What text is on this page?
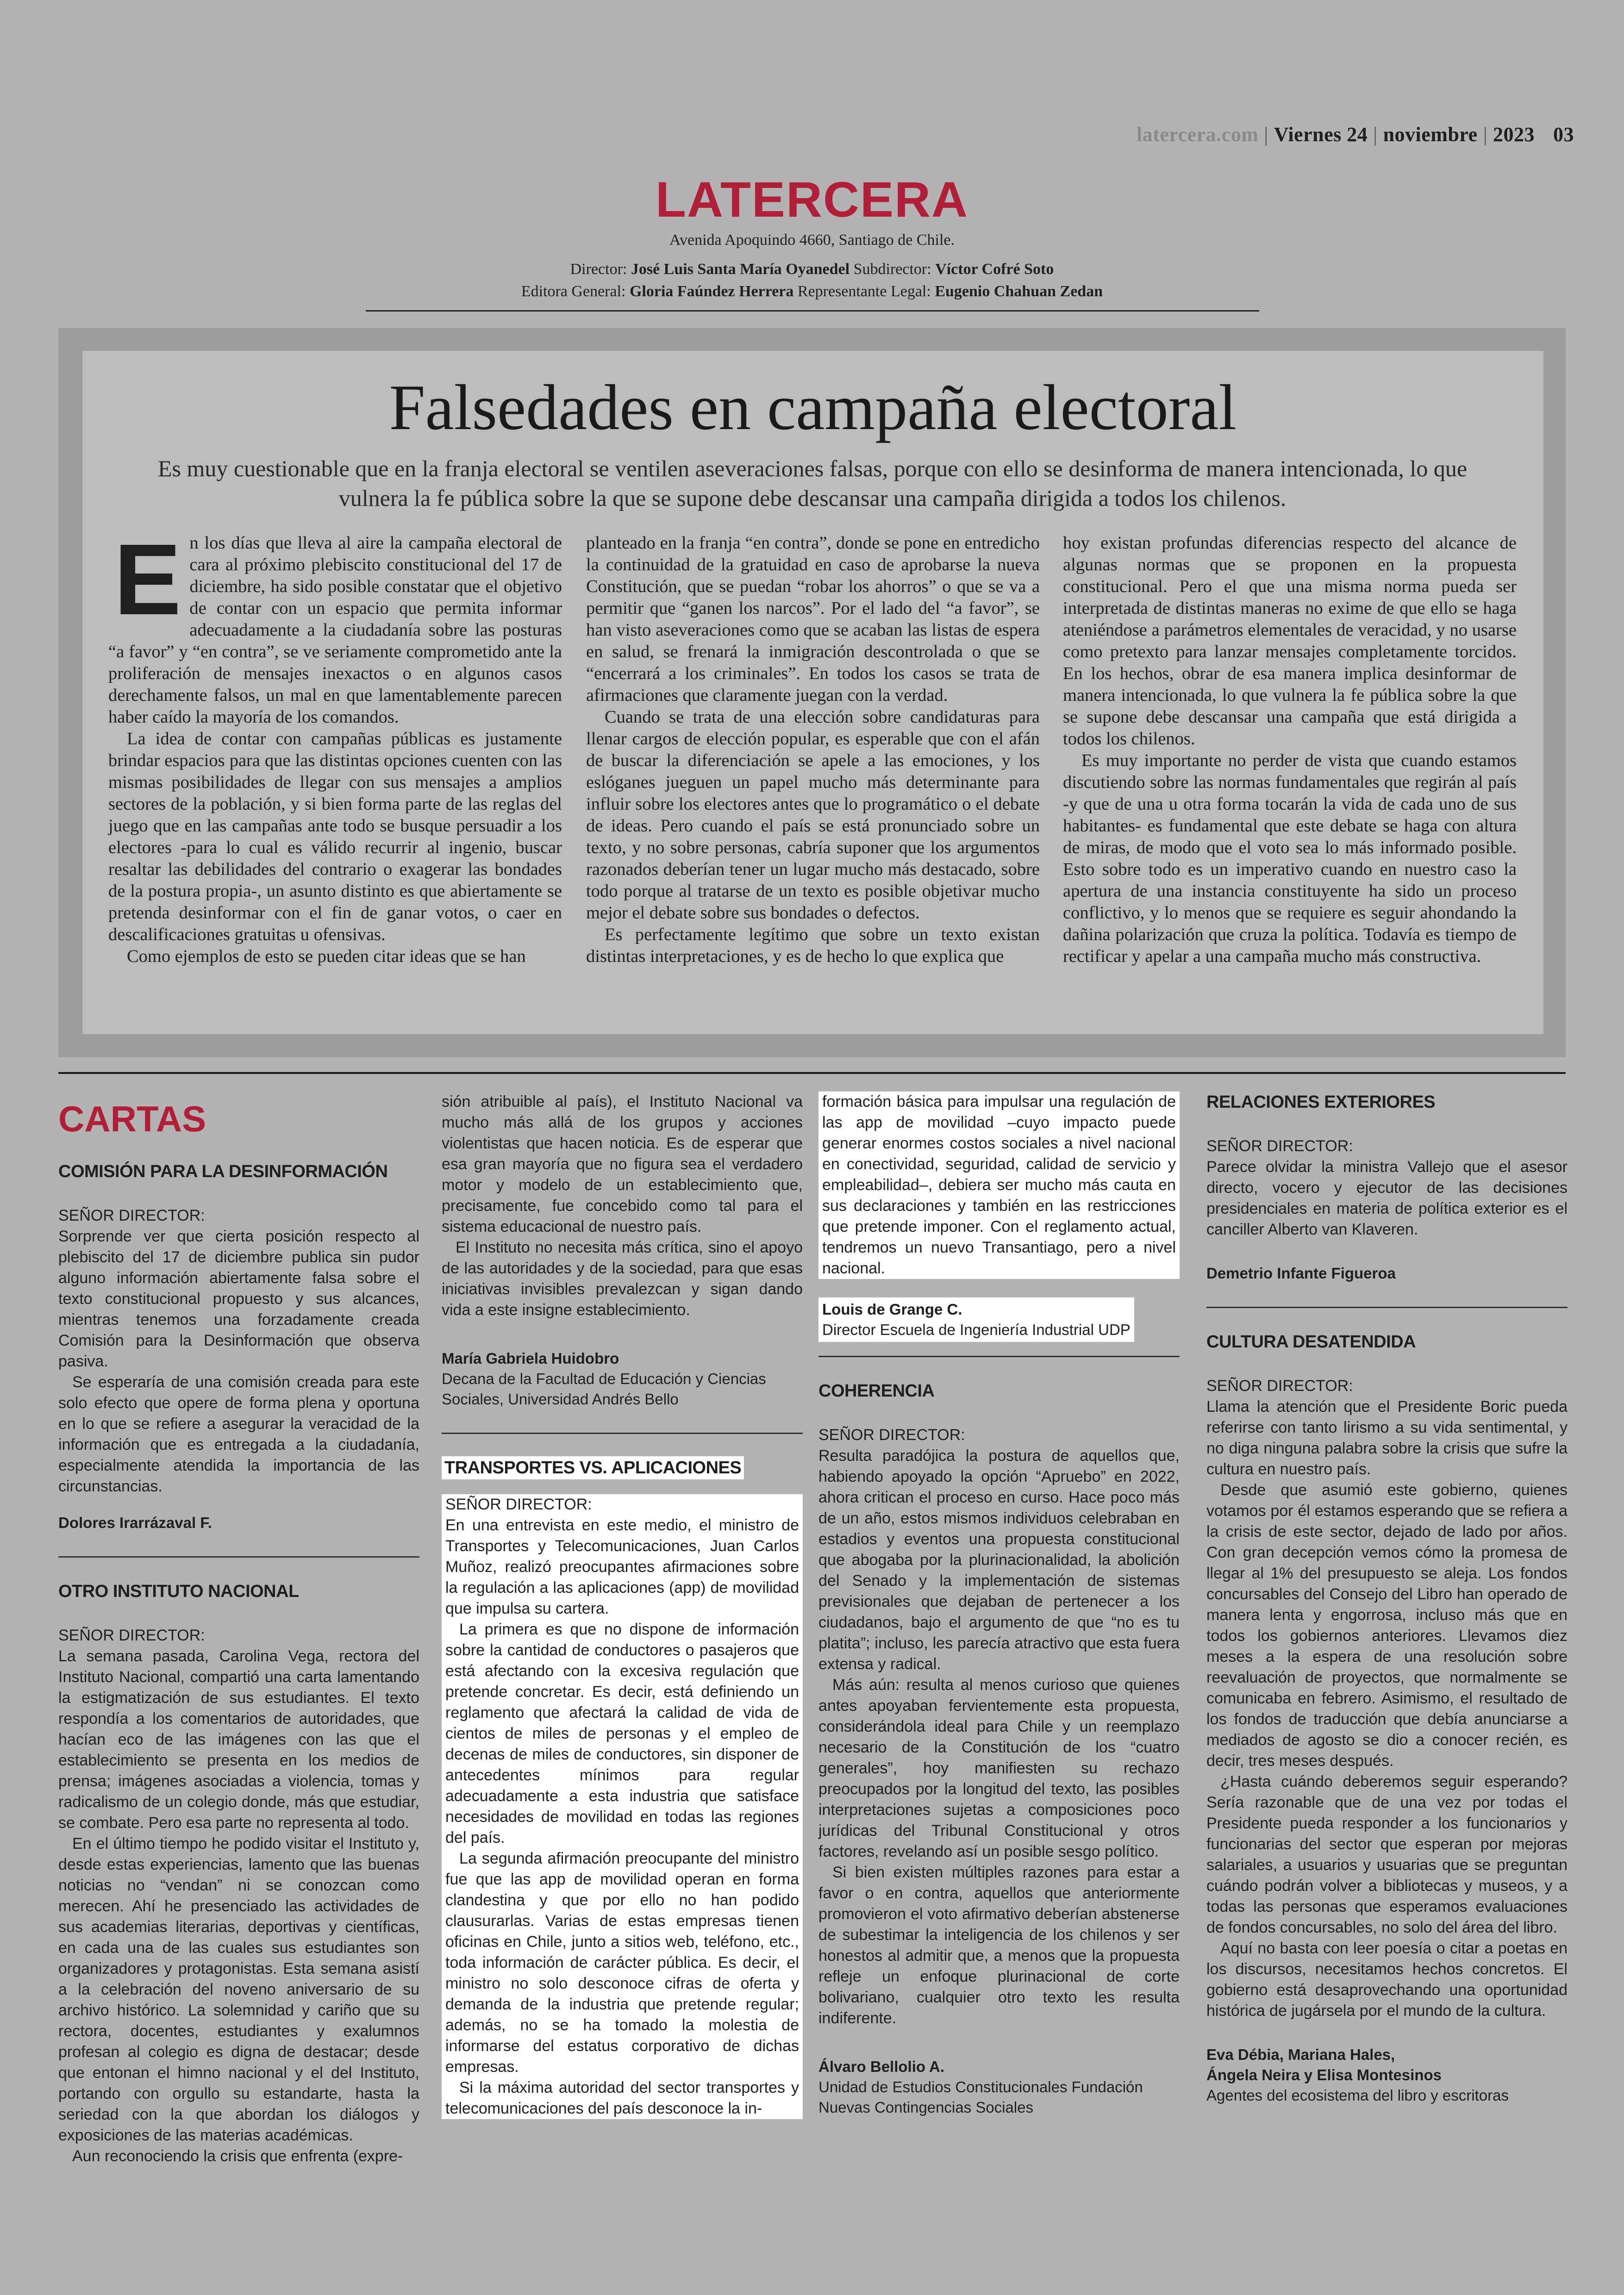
latercera.com | Viernes 24 | noviembre | 2023 03
LATERCERA
Avenida Apoquindo 4660, Santiago de Chile.
Director: José Luis Santa María Oyanedel Subdirector: Víctor Cofré Soto
Editora General: Gloria Faúndez Herrera Representante Legal: Eugenio Chahuan Zedan
Falsedades en campaña electoral
Es muy cuestionable que en la franja electoral se ventilen aseveraciones falsas, porque con ello se desinforma de manera intencionada, lo que vulnera la fe pública sobre la que se supone debe descansar una campaña dirigida a todos los chilenos.

En los días que lleva al aire la campaña electoral de cara al próximo plebiscito constitucional del 17 de diciembre, ha sido posible constatar que el objetivo de contar con un espacio que permita informar adecuadamente a la ciudadanía sobre las posturas “a favor” y “en contra”, se ve seriamente comprometido ante la proliferación de mensajes inexactos o en algunos casos derechamente falsos, un mal en que lamentablemente parecen haber caído la mayoría de los comandos.

La idea de contar con campañas públicas es justamente brindar espacios para que las distintas opciones cuenten con las mismas posibilidades de llegar con sus mensajes a amplios sectores de la población, y si bien forma parte de las reglas del juego que en las campañas ante todo se busque persuadir a los electores -para lo cual es válido recurrir al ingenio, buscar resaltar las debilidades del contrario o exagerar las bondades de la postura propia-, un asunto distinto es que abiertamente se pretenda desinformar con el fin de ganar votos, o caer en descalificaciones gratuitas u ofensivas.

Como ejemplos de esto se pueden citar ideas que se han

planteado en la franja “en contra”, donde se pone en entredicho la continuidad de la gratuidad en caso de aprobarse la nueva Constitución, que se puedan “robar los ahorros” o que se va a permitir que “ganen los narcos”. Por el lado del “a favor”, se han visto aseveraciones como que se acaban las listas de espera en salud, se frenará la inmigración descontrolada o que se “encerrará a los criminales”. En todos los casos se trata de afirmaciones que claramente juegan con la verdad.

Cuando se trata de una elección sobre candidaturas para llenar cargos de elección popular, es esperable que con el afán de buscar la diferenciación se apele a las emociones, y los eslóganes jueguen un papel mucho más determinante para influir sobre los electores antes que lo programático o el debate de ideas. Pero cuando el país se está pronunciado sobre un texto, y no sobre personas, cabría suponer que los argumentos razonados deberían tener un lugar mucho más destacado, sobre todo porque al tratarse de un texto es posible objetivar mucho mejor el debate sobre sus bondades o defectos.

Es perfectamente legítimo que sobre un texto existan distintas interpretaciones, y es de hecho lo que explica que

hoy existan profundas diferencias respecto del alcance de algunas normas que se proponen en la propuesta constitucional. Pero el que una misma norma pueda ser interpretada de distintas maneras no exime de que ello se haga ateniéndose a parámetros elementales de veracidad, y no usarse como pretexto para lanzar mensajes completamente torcidos. En los hechos, obrar de esa manera implica desinformar de manera intencionada, lo que vulnera la fe pública sobre la que se supone debe descansar una campaña que está dirigida a todos los chilenos.

Es muy importante no perder de vista que cuando estamos discutiendo sobre las normas fundamentales que regirán al país -y que de una u otra forma tocarán la vida de cada uno de sus habitantes- es fundamental que este debate se haga con altura de miras, de modo que el voto sea lo más informado posible. Esto sobre todo es un imperativo cuando en nuestro caso la apertura de una instancia constituyente ha sido un proceso conflictivo, y lo menos que se requiere es seguir ahondando la dañina polarización que cruza la política. Todavía es tiempo de rectificar y apelar a una campaña mucho más constructiva.

CARTAS
COMISIÓN PARA LA DESINFORMACIÓN
SEÑOR DIRECTOR:

Sorprende ver que cierta posición respecto al plebiscito del 17 de diciembre publica sin pudor alguno información abiertamente falsa sobre el texto constitucional propuesto y sus alcances, mientras tenemos una forzadamente creada Comisión para la Desinformación que observa pasiva.

Se esperaría de una comisión creada para este solo efecto que opere de forma plena y oportuna en lo que se refiere a asegurar la veracidad de la información que es entregada a la ciudadanía, especialmente atendida la importancia de las circunstancias.

Dolores Irarrázaval F.
OTRO INSTITUTO NACIONAL
SEÑOR DIRECTOR:

La semana pasada, Carolina Vega, rectora del Instituto Nacional, compartió una carta lamentando la estigmatización de sus estudiantes. El texto respondía a los comentarios de autoridades, que hacían eco de las imágenes con las que el establecimiento se presenta en los medios de prensa; imágenes asociadas a violencia, tomas y radicalismo de un colegio donde, más que estudiar, se combate. Pero esa parte no representa al todo.

En el último tiempo he podido visitar el Instituto y, desde estas experiencias, lamento que las buenas noticias no “vendan” ni se conozcan como merecen. Ahí he presenciado las actividades de sus academias literarias, deportivas y científicas, en cada una de las cuales sus estudiantes son organizadores y protagonistas. Esta semana asistí a la celebración del noveno aniversario de su archivo histórico. La solemnidad y cariño que su rectora, docentes, estudiantes y exalumnos profesan al colegio es digna de destacar; desde que entonan el himno nacional y el del Instituto, portando con orgullo su estandarte, hasta la seriedad con la que abordan los diálogos y exposiciones de las materias académicas.

Aun reconociendo la crisis que enfrenta (expre-

sión atribuible al país), el Instituto Nacional va mucho más allá de los grupos y acciones violentistas que hacen noticia. Es de esperar que esa gran mayoría que no figura sea el verdadero motor y modelo de un establecimiento que, precisamente, fue concebido como tal para el sistema educacional de nuestro país.

El Instituto no necesita más crítica, sino el apoyo de las autoridades y de la sociedad, para que esas iniciativas invisibles prevalezcan y sigan dando vida a este insigne establecimiento.

María Gabriela Huidobro
Decana de la Facultad de Educación y Ciencias Sociales, Universidad Andrés Bello
TRANSPORTES VS. APLICACIONES
SEÑOR DIRECTOR:

En una entrevista en este medio, el ministro de Transportes y Telecomunicaciones, Juan Carlos Muñoz, realizó preocupantes afirmaciones sobre la regulación a las aplicaciones (app) de movilidad que impulsa su cartera.

La primera es que no dispone de información sobre la cantidad de conductores o pasajeros que está afectando con la excesiva regulación que pretende concretar. Es decir, está definiendo un reglamento que afectará la calidad de vida de cientos de miles de personas y el empleo de decenas de miles de conductores, sin disponer de antecedentes mínimos para regular adecuadamente a esta industria que satisface necesidades de movilidad en todas las regiones del país.

La segunda afirmación preocupante del ministro fue que las app de movilidad operan en forma clandestina y que por ello no han podido clausurarlas. Varias de estas empresas tienen oficinas en Chile, junto a sitios web, teléfono, etc., toda información de carácter pública. Es decir, el ministro no solo desconoce cifras de oferta y demanda de la industria que pretende regular; además, no se ha tomado la molestia de informarse del estatus corporativo de dichas empresas.

Si la máxima autoridad del sector transportes y telecomunicaciones del país desconoce la in-

formación básica para impulsar una regulación de las app de movilidad –cuyo impacto puede generar enormes costos sociales a nivel nacional en conectividad, seguridad, calidad de servicio y empleabilidad–, debiera ser mucho más cauta en sus declaraciones y también en las restricciones que pretende imponer. Con el reglamento actual, tendremos un nuevo Transantiago, pero a nivel nacional.

Louis de Grange C.
Director Escuela de Ingeniería Industrial UDP
COHERENCIA
SEÑOR DIRECTOR:

Resulta paradójica la postura de aquellos que, habiendo apoyado la opción “Apruebo” en 2022, ahora critican el proceso en curso. Hace poco más de un año, estos mismos individuos celebraban en estadios y eventos una propuesta constitucional que abogaba por la plurinacionalidad, la abolición del Senado y la implementación de sistemas previsionales que dejaban de pertenecer a los ciudadanos, bajo el argumento de que “no es tu platita”; incluso, les parecía atractivo que esta fuera extensa y radical.

Más aún: resulta al menos curioso que quienes antes apoyaban fervientemente esta propuesta, considerándola ideal para Chile y un reemplazo necesario de la Constitución de los “cuatro generales”, hoy manifiesten su rechazo preocupados por la longitud del texto, las posibles interpretaciones sujetas a composiciones poco jurídicas del Tribunal Constitucional y otros factores, revelando así un posible sesgo político.

Si bien existen múltiples razones para estar a favor o en contra, aquellos que anteriormente promovieron el voto afirmativo deberían abstenerse de subestimar la inteligencia de los chilenos y ser honestos al admitir que, a menos que la propuesta refleje un enfoque plurinacional de corte bolivariano, cualquier otro texto les resulta indiferente.

Álvaro Bellolio A.
Unidad de Estudios Constitucionales Fundación Nuevas Contingencias Sociales
RELACIONES EXTERIORES
SEÑOR DIRECTOR:

Parece olvidar la ministra Vallejo que el asesor directo, vocero y ejecutor de las decisiones presidenciales en materia de política exterior es el canciller Alberto van Klaveren.

Demetrio Infante Figueroa
CULTURA DESATENDIDA
SEÑOR DIRECTOR:

Llama la atención que el Presidente Boric pueda referirse con tanto lirismo a su vida sentimental, y no diga ninguna palabra sobre la crisis que sufre la cultura en nuestro país.

Desde que asumió este gobierno, quienes votamos por él estamos esperando que se refiera a la crisis de este sector, dejado de lado por años. Con gran decepción vemos cómo la promesa de llegar al 1% del presupuesto se aleja. Los fondos concursables del Consejo del Libro han operado de manera lenta y engorrosa, incluso más que en todos los gobiernos anteriores. Llevamos diez meses a la espera de una resolución sobre reevaluación de proyectos, que normalmente se comunicaba en febrero. Asimismo, el resultado de los fondos de traducción que debía anunciarse a mediados de agosto se dio a conocer recién, es decir, tres meses después.

¿Hasta cuándo deberemos seguir esperando? Sería razonable que de una vez por todas el Presidente pueda responder a los funcionarios y funcionarias del sector que esperan por mejoras salariales, a usuarios y usuarias que se preguntan cuándo podrán volver a bibliotecas y museos, y a todas las personas que esperamos evaluaciones de fondos concursables, no solo del área del libro.

Aquí no basta con leer poesía o citar a poetas en los discursos, necesitamos hechos concretos. El gobierno está desaprovechando una oportunidad histórica de jugársela por el mundo de la cultura.

Eva Débia, Mariana Hales,
Ángela Neira y Elisa Montesinos
Agentes del ecosistema del libro y escritoras
